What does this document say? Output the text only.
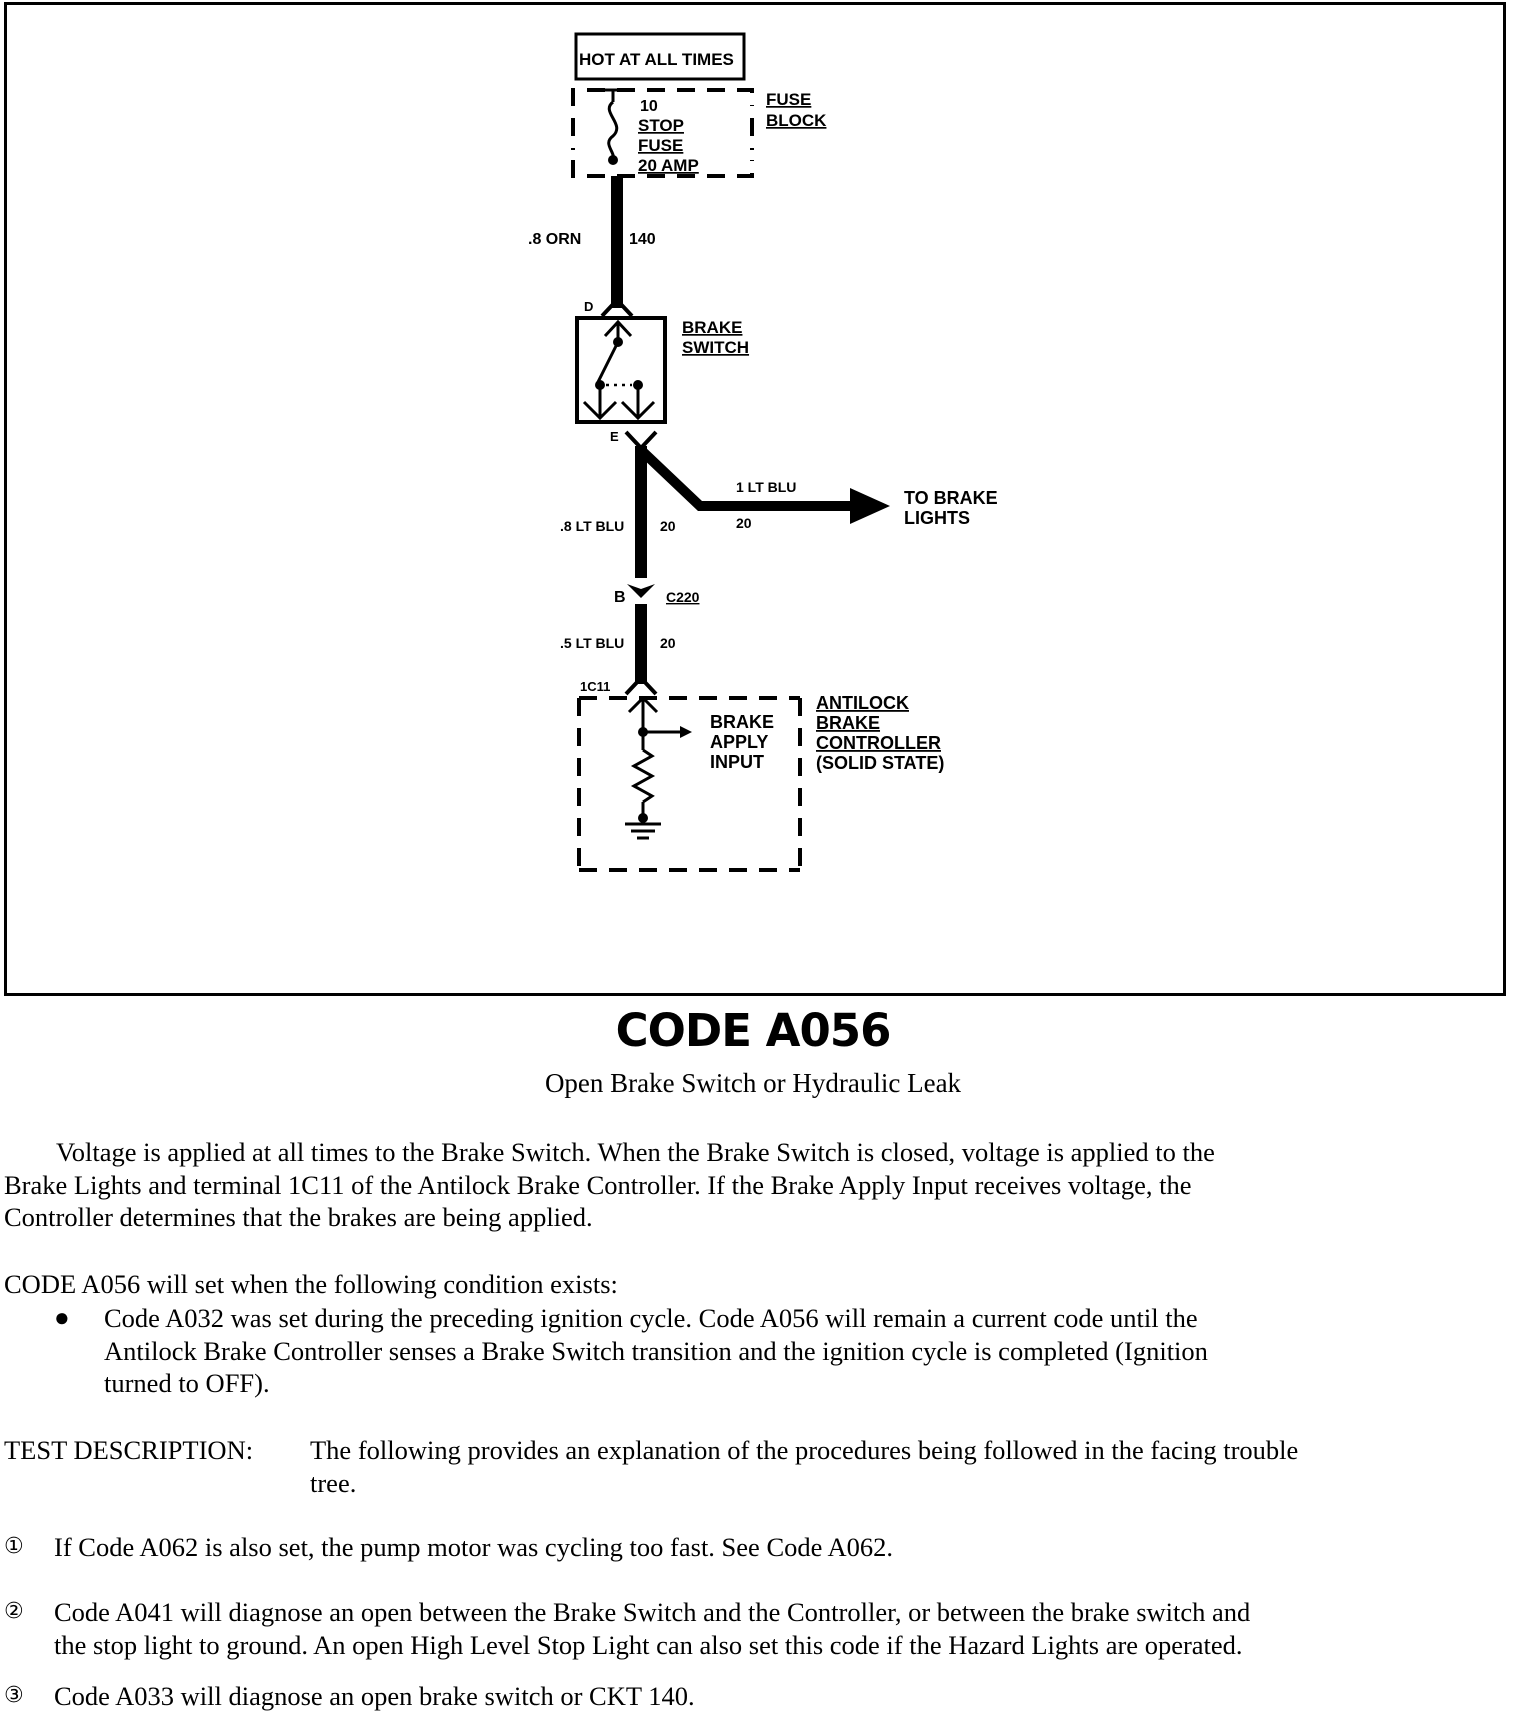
HOT AT ALL TIMES
10
STOP
FUSE
20 AMP
FUSE
BLOCK
.8 ORN	140
D
BRAKE
SWITCH
E
1 LT BLU
20
TO BRAKE
LIGHTS
.8 LT BLU	20
B	C220
.5 LT BLU	20
1C11
BRAKE
APPLY
INPUT
ANTILOCK
BRAKE
CONTROLLER
(SOLID STATE)
CODE A056
Open Brake Switch or Hydraulic Leak
Voltage is applied at all times to the Brake Switch. When the Brake Switch is closed, voltage is applied to the
Brake Lights and terminal 1C11 of the Antilock Brake Controller. If the Brake Apply Input receives voltage, the
Controller determines that the brakes are being applied.
CODE A056 will set when the following condition exists:
●	Code A032 was set during the preceding ignition cycle. Code A056 will remain a current code until the
Antilock Brake Controller senses a Brake Switch transition and the ignition cycle is completed (Ignition
turned to OFF).
TEST DESCRIPTION:	The following provides an explanation of the procedures being followed in the facing trouble
tree.
①	If Code A062 is also set, the pump motor was cycling too fast. See Code A062.
②	Code A041 will diagnose an open between the Brake Switch and the Controller, or between the brake switch and
the stop light to ground. An open High Level Stop Light can also set this code if the Hazard Lights are operated.
③	Code A033 will diagnose an open brake switch or CKT 140.
